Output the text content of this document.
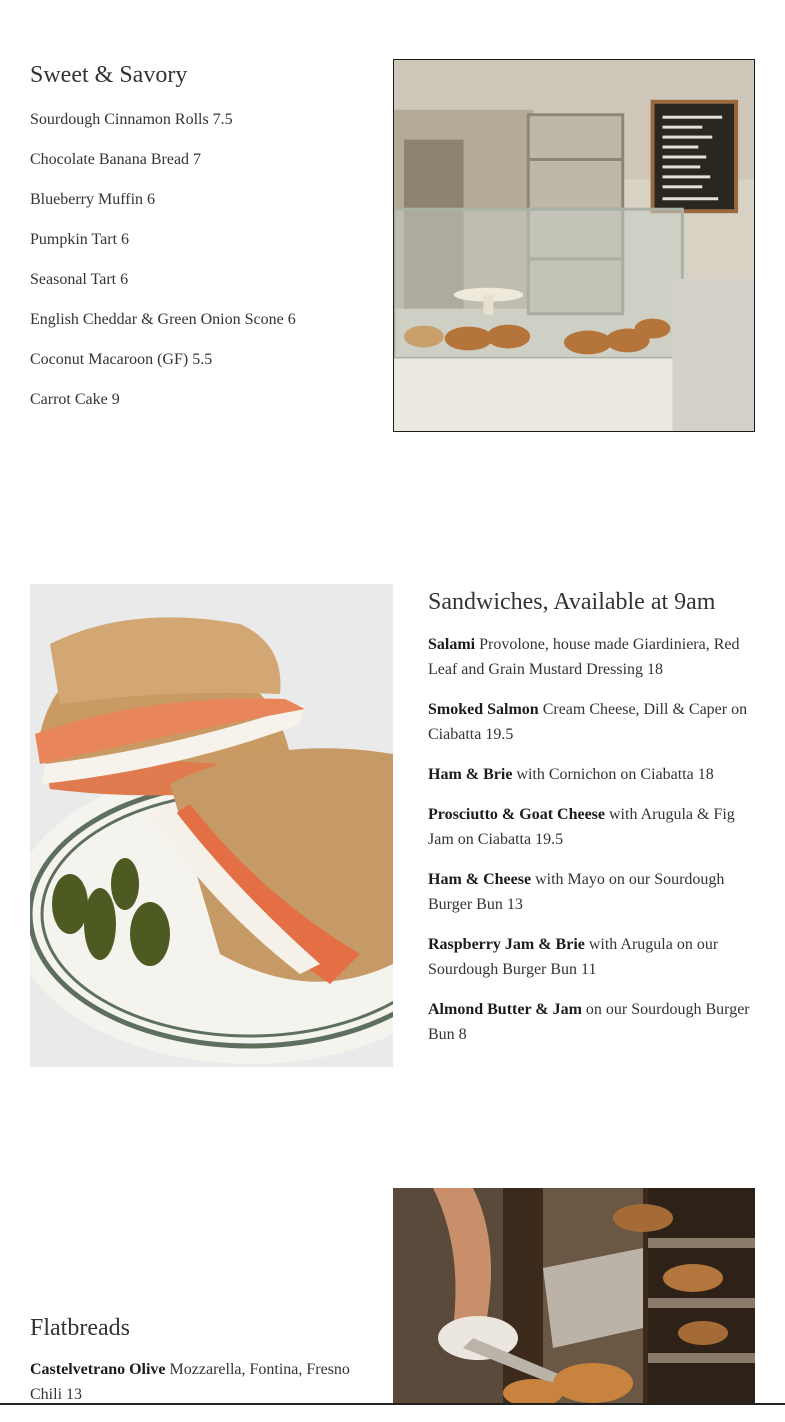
Sweet & Savory
Sourdough Cinnamon Rolls 7.5
Chocolate Banana Bread 7
Blueberry Muffin 6
Pumpkin Tart 6
Seasonal Tart 6
English Cheddar & Green Onion Scone 6
Coconut Macaroon (GF) 5.5
Carrot Cake 9
Sandwiches, Available at 9am
Salami Provolone, house made Giardiniera, Red Leaf and Grain Mustard Dressing 18
Smoked Salmon Cream Cheese, Dill & Caper on Ciabatta 19.5
Ham & Brie with Cornichon on Ciabatta 18
Prosciutto & Goat Cheese with Arugula & Fig Jam on Ciabatta 19.5
Ham & Cheese with Mayo on our Sourdough Burger Bun 13
Raspberry Jam & Brie with Arugula on our Sourdough Burger Bun 11
Almond Butter & Jam on our Sourdough Burger Bun 8
Flatbreads
Castelvetrano Olive Mozzarella, Fontina, Fresno Chili 13
